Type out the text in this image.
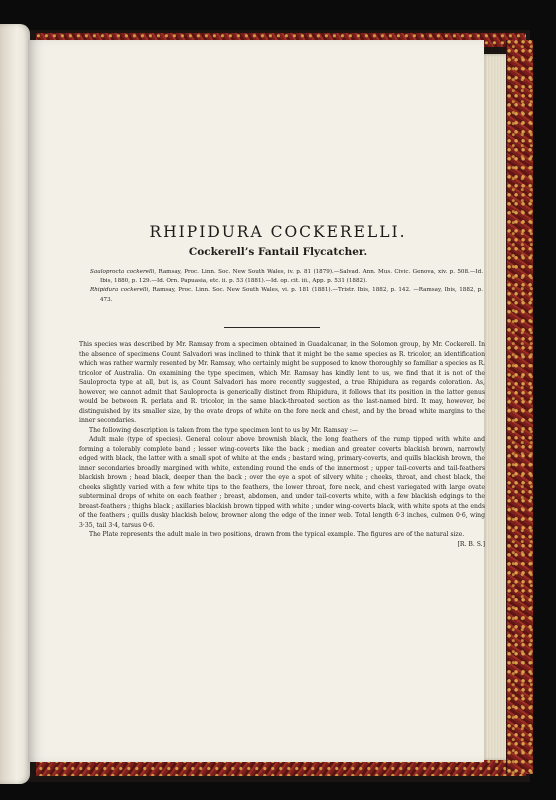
RHIPIDURA COCKERELLI.
Cockerell’s Fantail Flycatcher.

Sauloprocta cockerelli, Ramsay, Proc. Linn. Soc. New South Wales, iv. p. 81 (1879).—Salvad. Ann. Mus. Civic. Genova, xiv. p. 508.—Id. Ibis, 1880, p. 129.—Id. Orn. Papuasia, etc. ii. p. 53 (1881).—Id. op. cit. iii., App. p. 531 (1882).

Rhipidura cockerelli, Ramsay, Proc. Linn. Soc. New South Wales, vi. p. 181 (1881).—Tristr. Ibis, 1882, p. 142. —Ramsay, Ibis, 1882, p. 473.

This species was described by Mr. Ramsay from a specimen obtained in Guadalcanar, in the Solomon group, by Mr. Cockerell. In the absence of specimens Count Salvadori was inclined to think that it might be the same species as R. tricolor, an identification which was rather warmly resented by Mr. Ramsay, who certainly might be supposed to know thoroughly so familiar a species as R. tricolor of Australia. On examining the type specimen, which Mr. Ramsay has kindly lent to us, we find that it is not of the Sauloprocta type at all, but is, as Count Salvadori has more recently suggested, a true Rhipidura as regards coloration. As, however, we cannot admit that Sauloprocta is generically distinct from Rhipidura, it follows that its position in the latter genus would be between R. perlata and R. tricolor, in the same black-throated section as the last-named bird. It may, however, be distinguished by its smaller size, by the ovate drops of white on the fore neck and chest, and by the broad white margins to the inner secondaries.

The following description is taken from the type specimen lent to us by Mr. Ramsay :—

Adult male (type of species). General colour above brownish black, the long feathers of the rump tipped with white and forming a tolerably complete band ; lesser wing-coverts like the back ; median and greater coverts blackish brown, narrowly edged with black, the latter with a small spot of white at the ends ; bastard wing, primary-coverts, and quills blackish brown, the inner secondaries broadly margined with white, extending round the ends of the innermost ; upper tail-coverts and tail-feathers blackish brown ; head black, deeper than the back ; over the eye a spot of silvery white ; cheeks, throat, and chest black, the cheeks slightly varied with a few white tips to the feathers, the lower throat, fore neck, and chest variegated with large ovate subterminal drops of white on each feather ; breast, abdomen, and under tail-coverts white, with a few blackish edgings to the breast-feathers ; thighs black ; axillaries blackish brown tipped with white ; under wing-coverts black, with white spots at the ends of the feathers ; quills dusky blackish below, browner along the edge of the inner web. Total length 6·3 inches, culmen 0·6, wing 3·35, tail 3·4, tarsus 0·6.

The Plate represents the adult male in two positions, drawn from the typical example. The figures are of the natural size.

[R. B. S.]
